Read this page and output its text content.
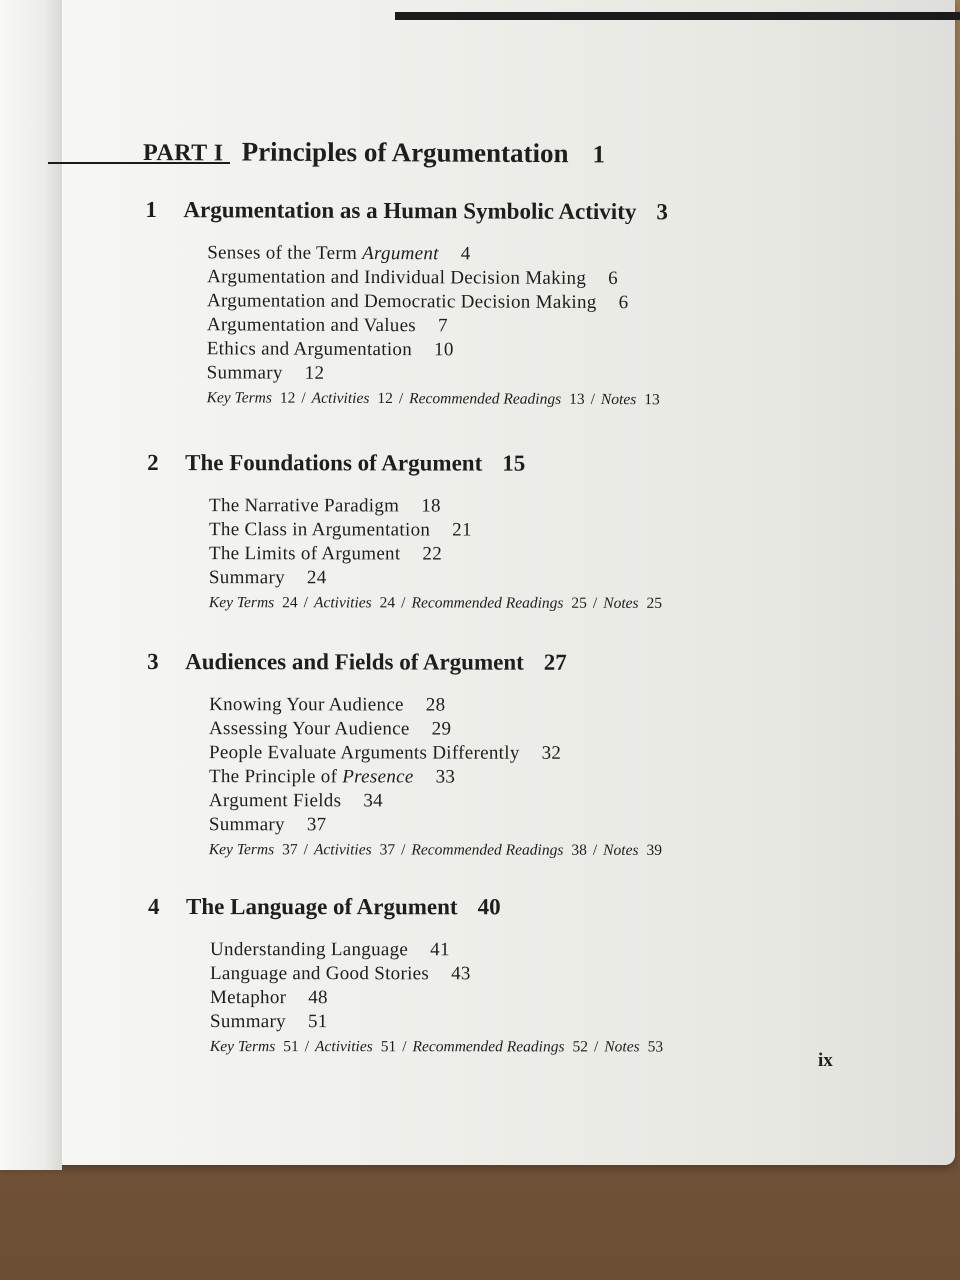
PART I Principles of Argumentation 1
1 Argumentation as a Human Symbolic Activity 3
Senses of the Term Argument 4
Argumentation and Individual Decision Making 6
Argumentation and Democratic Decision Making 6
Argumentation and Values 7
Ethics and Argumentation 10
Summary 12
Key Terms 12 / Activities 12 / Recommended Readings 13 / Notes 13
2 The Foundations of Argument 15
The Narrative Paradigm 18
The Class in Argumentation 21
The Limits of Argument 22
Summary 24
Key Terms 24 / Activities 24 / Recommended Readings 25 / Notes 25
3 Audiences and Fields of Argument 27
Knowing Your Audience 28
Assessing Your Audience 29
People Evaluate Arguments Differently 32
The Principle of Presence 33
Argument Fields 34
Summary 37
Key Terms 37 / Activities 37 / Recommended Readings 38 / Notes 39
4 The Language of Argument 40
Understanding Language 41
Language and Good Stories 43
Metaphor 48
Summary 51
Key Terms 51 / Activities 51 / Recommended Readings 52 / Notes 53
ix
